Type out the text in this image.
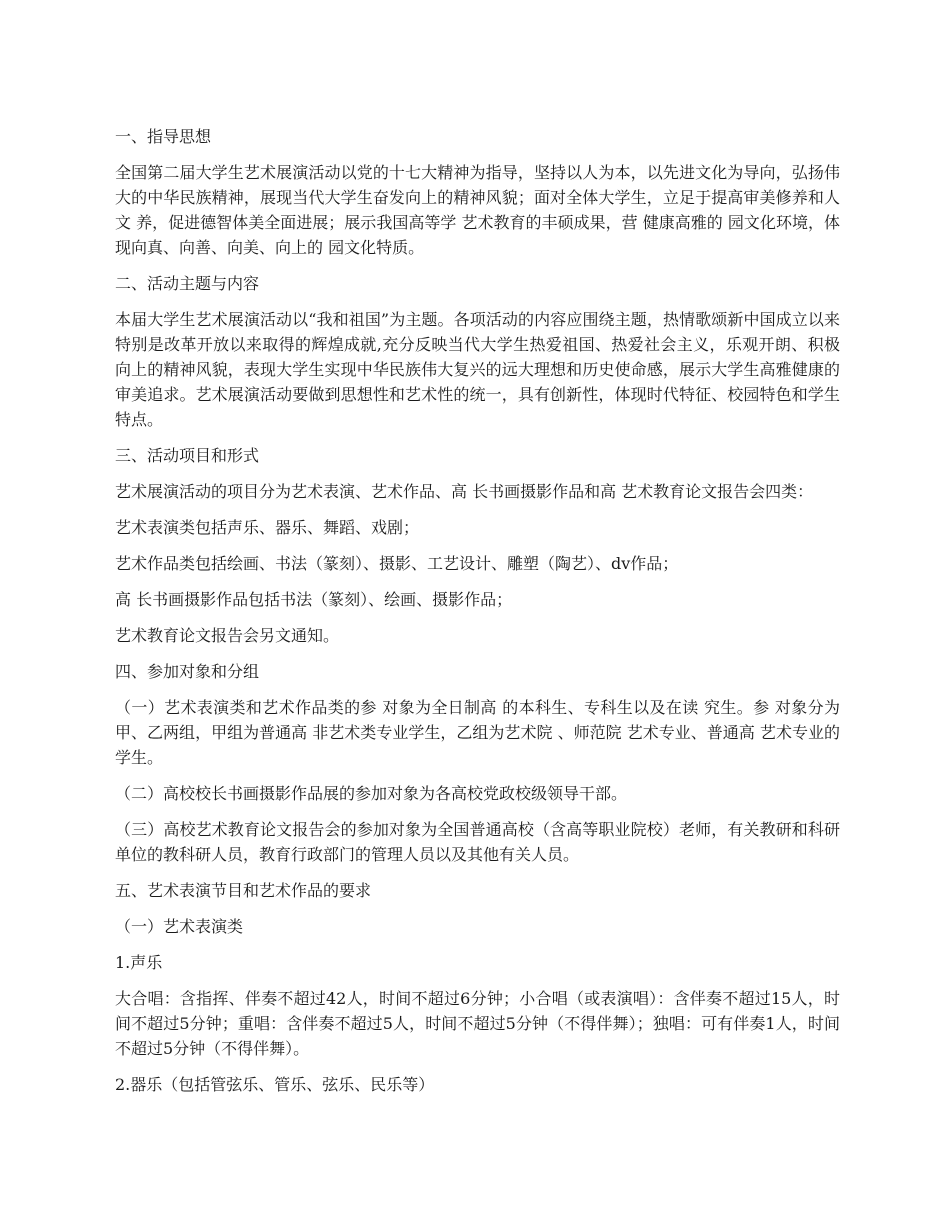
一、指导思想

全国第二届大学生艺术展演活动以党的十七大精神为指导，坚持以人为本，以先进文化为导向，弘扬伟大的中华民族精神，展现当代大学生奋发向上的精神风貌；面对全体大学生，立足于提高审美修养和人文 养，促进德智体美全面进展；展示我国高等学 艺术教育的丰硕成果，营 健康高雅的 园文化环境，体现向真、向善、向美、向上的 园文化特质。

二、活动主题与内容

本届大学生艺术展演活动以“我和祖国”为主题。各项活动的内容应围绕主题，热情歌颂新中国成立以来特别是改革开放以来取得的辉煌成就,充分反映当代大学生热爱祖国、热爱社会主义，乐观开朗、积极向上的精神风貌，表现大学生实现中华民族伟大复兴的远大理想和历史使命感，展示大学生高雅健康的审美追求。艺术展演活动要做到思想性和艺术性的统一，具有创新性，体现时代特征、校园特色和学生特点。

三、活动项目和形式

艺术展演活动的项目分为艺术表演、艺术作品、高 长书画摄影作品和高 艺术教育论文报告会四类：

艺术表演类包括声乐、器乐、舞蹈、戏剧；

艺术作品类包括绘画、书法（篆刻）、摄影、工艺设计、雕塑（陶艺）、dv作品；

高 长书画摄影作品包括书法（篆刻）、绘画、摄影作品；

艺术教育论文报告会另文通知。

四、参加对象和分组

（一）艺术表演类和艺术作品类的参 对象为全日制高 的本科生、专科生以及在读 究生。参 对象分为甲、乙两组，甲组为普通高 非艺术类专业学生，乙组为艺术院 、师范院 艺术专业、普通高 艺术专业的学生。

（二）高校校长书画摄影作品展的参加对象为各高校党政校级领导干部。

（三）高校艺术教育论文报告会的参加对象为全国普通高校（含高等职业院校）老师，有关教研和科研单位的教科研人员，教育行政部门的管理人员以及其他有关人员。

五、艺术表演节目和艺术作品的要求

（一）艺术表演类

1.声乐

大合唱：含指挥、伴奏不超过42人，时间不超过6分钟；小合唱（或表演唱）：含伴奏不超过15人，时间不超过5分钟；重唱：含伴奏不超过5人，时间不超过5分钟（不得伴舞）；独唱：可有伴奏1人，时间不超过5分钟（不得伴舞）。

2.器乐（包括管弦乐、管乐、弦乐、民乐等）
